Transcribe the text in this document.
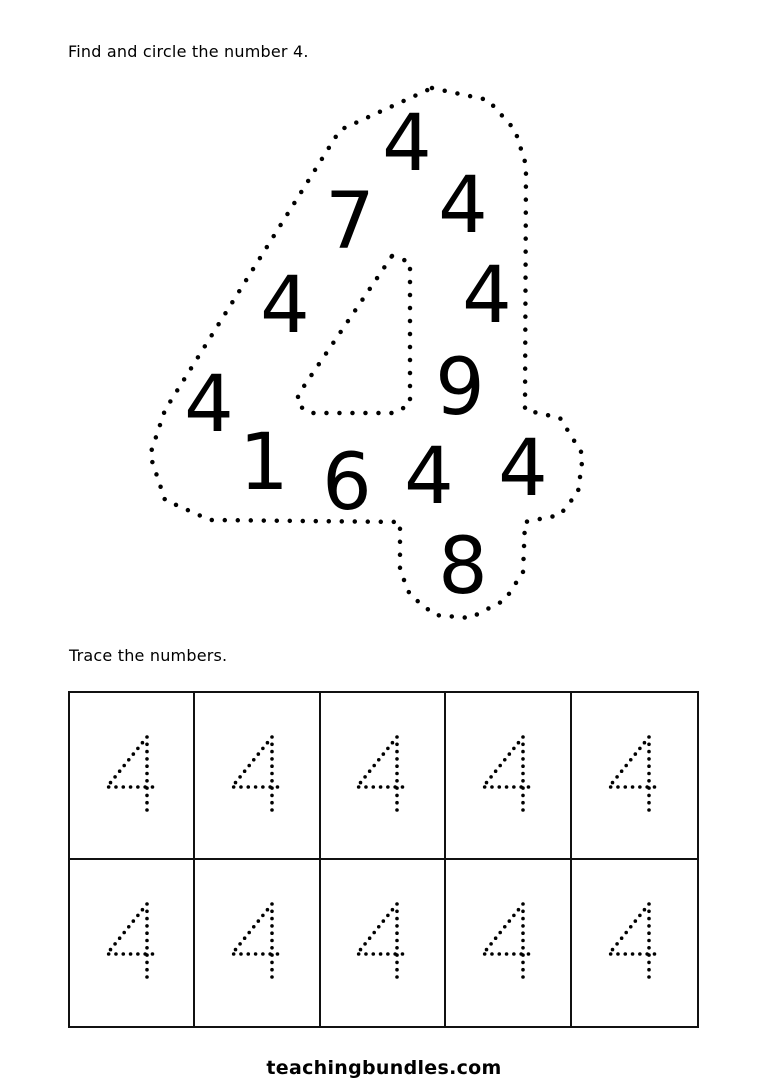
Find and circle the number 4.
4
7 4
4 4
9
4
1 6 4 4
8
Trace the numbers.
teachingbundles.com
